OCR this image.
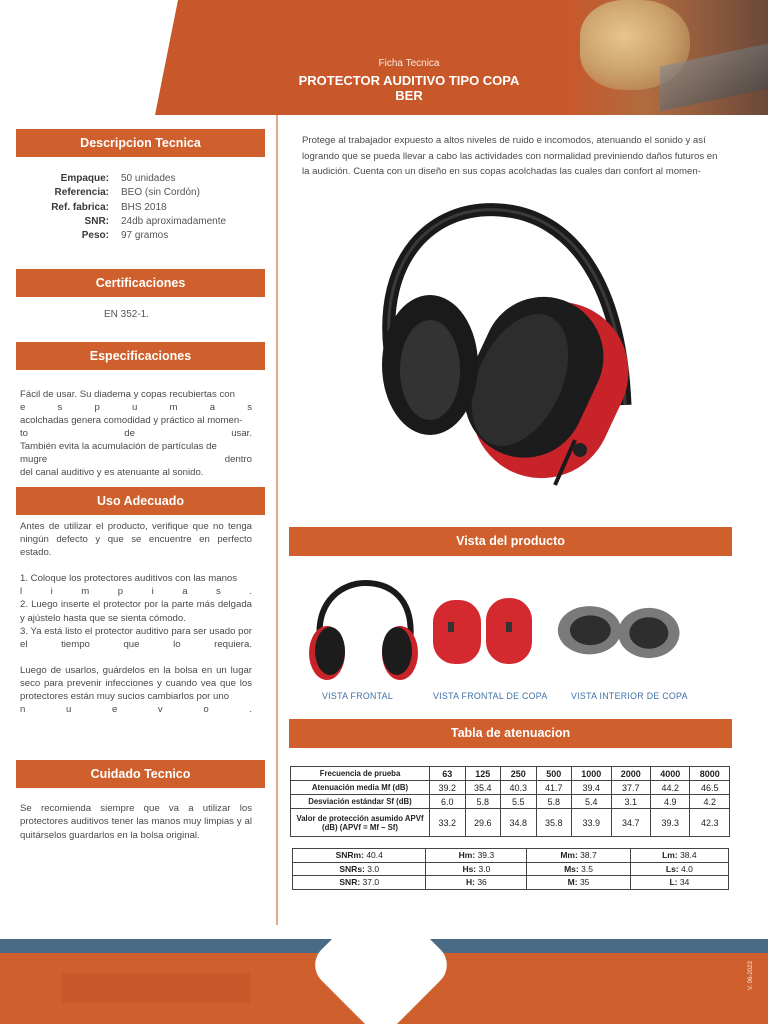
Ficha Tecnica
PROTECTOR AUDITIVO TIPO COPA
BER
Descripcion Tecnica
Empaque:	50 unidades
Referencia:	BEO (sin Cordón)
Ref. fabrica:	BHS 2018
SNR:	24db aproximadamente
Peso:	97 gramos
Certificaciones
EN 352-1.
Especificaciones

Fácil de usar. Su diadema y copas recubiertas con

e s p u m a s

acolchadas genera comodidad y práctico al momen-

to de usar.

También evita la acumulación de partículas de

mugre dentro

del canal auditivo y es atenuante al sonido.

Uso Adecuado

Antes de utilizar el producto, verifique que no tenga ningún defecto y que se encuentre en perfecto estado.

1. Coloque los protectores auditivos con las manos

l i m p i a s .

2. Luego inserte el protector por la parte más delgada y ajústelo hasta que se sienta cómodo.

3. Ya está listo el protector auditivo para ser usado por el tiempo que lo requiera.

Luego de usarlos, guárdelos en la bolsa en un lugar seco para prevenir infecciones y cuando vea que los protectores están muy sucios cambiarlos por uno

n u e v o .

Cuidado Tecnico
Se recomienda siempre que va a utilizar los protectores auditivos tener las manos muy limpias y al quitárselos guardarlos en la bolsa original.
Protege al trabajador expuesto a altos niveles de ruido e incomodos, atenuando el sonido y así logrando que se pueda llevar a cabo las actividades con normalidad previniendo daños futuros en la audición. Cuenta con un diseño en sus copas acolchadas las cuales dan confort al momen-
Vista del producto
VISTA FRONTAL	VISTA FRONTAL DE COPA	VISTA INTERIOR DE COPA
Tabla de atenuacion
Frecuencia de prueba	63	125	250	500	1000	2000	4000	8000
Atenuación media Mf (dB)	39.2	35.4	40.3	41.7	39.4	37.7	44.2	46.5
Desviación estándar Sf (dB)	6.0	5.8	5.5	5.8	5.4	3.1	4.9	4.2
Valor de protección asumido APVf (dB) (APVf = Mf – Sf)	33.2	29.6	34.8	35.8	33.9	34.7	39.3	42.3
SNRm: 40.4	Hm: 39.3	Mm: 38.7	Lm: 38.4
SNRs: 3.0	Hs: 3.0	Ms: 3.5	Ls: 4.0
SNR: 37.0	H: 36	M: 35	L: 34
V. 06-2023
